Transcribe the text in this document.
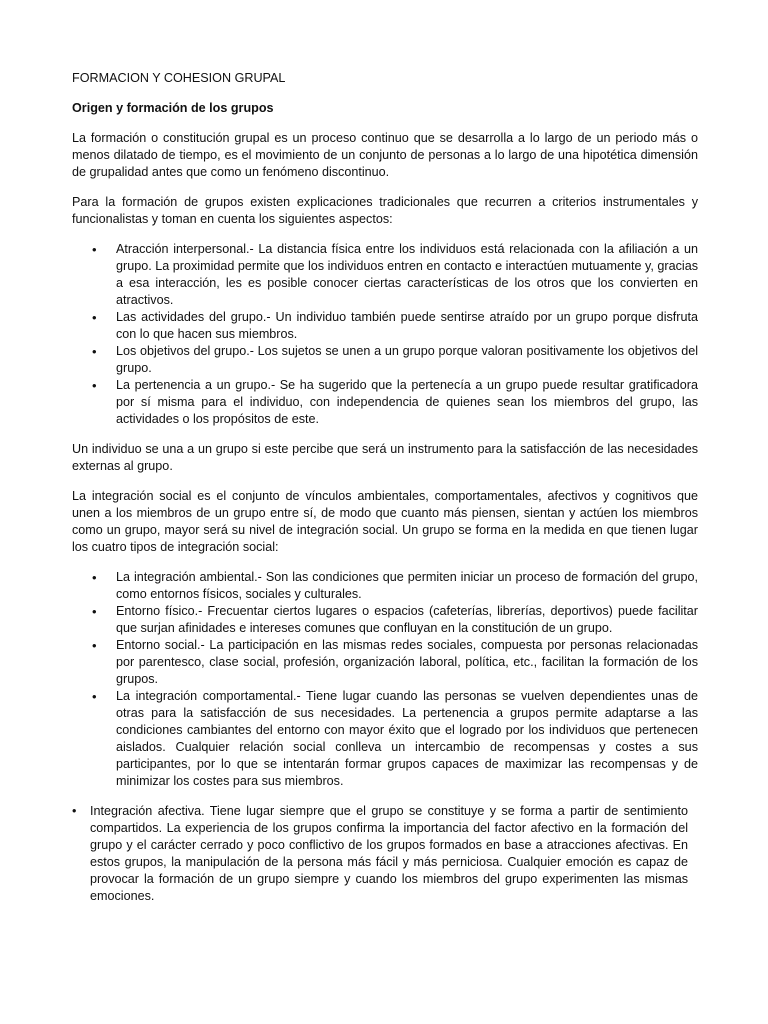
FORMACION Y COHESION GRUPAL
Origen y formación de los grupos

La formación o constitución grupal es un proceso continuo que se desarrolla a lo largo de un periodo más o menos dilatado de tiempo, es el movimiento de un conjunto de personas a lo largo de una hipotética dimensión de grupalidad antes que como un fenómeno discontinuo.

Para la formación de grupos existen explicaciones tradicionales que recurren a criterios instrumentales y funcionalistas y toman en cuenta los siguientes aspectos:

• Atracción interpersonal.- La distancia física entre los individuos está relacionada con la afiliación a un grupo. La proximidad permite que los individuos entren en contacto e interactúen mutuamente y, gracias a esa interacción, les es posible conocer ciertas características de los otros que los convierten en atractivos.
• Las actividades del grupo.- Un individuo también puede sentirse atraído por un grupo porque disfruta con lo que hacen sus miembros.
• Los objetivos del grupo.- Los sujetos se unen a un grupo porque valoran positivamente los objetivos del grupo.
• La pertenencia a un grupo.- Se ha sugerido que la pertenecía a un grupo puede resultar gratificadora por sí misma para el individuo, con independencia de quienes sean los miembros del grupo, las actividades o los propósitos de este.

Un individuo se una a un grupo si este percibe que será un instrumento para la satisfacción de las necesidades externas al grupo.

La integración social es el conjunto de vínculos ambientales, comportamentales, afectivos y cognitivos que unen a los miembros de un grupo entre sí, de modo que cuanto más piensen, sientan y actúen los miembros como un grupo, mayor será su nivel de integración social. Un grupo se forma en la medida en que tienen lugar los cuatro tipos de integración social:

• La integración ambiental.- Son las condiciones que permiten iniciar un proceso de formación del grupo, como entornos físicos, sociales y culturales.
• Entorno físico.- Frecuentar ciertos lugares o espacios (cafeterías, librerías, deportivos) puede facilitar que surjan afinidades e intereses comunes que confluyan en la constitución de un grupo.
• Entorno social.- La participación en las mismas redes sociales, compuesta por personas relacionadas por parentesco, clase social, profesión, organización laboral, política, etc., facilitan la formación de los grupos.
• La integración comportamental.- Tiene lugar cuando las personas se vuelven dependientes unas de otras para la satisfacción de sus necesidades. La pertenencia a grupos permite adaptarse a las condiciones cambiantes del entorno con mayor éxito que el logrado por los individuos que pertenecen aislados. Cualquier relación social conlleva un intercambio de recompensas y costes a sus participantes, por lo que se intentarán formar grupos capaces de maximizar las recompensas y de minimizar los costes para sus miembros.
• Integración afectiva. Tiene lugar siempre que el grupo se constituye y se forma a partir de sentimiento compartidos. La experiencia de los grupos confirma la importancia del factor afectivo en la formación del grupo y el carácter cerrado y poco conflictivo de los grupos formados en base a atracciones afectivas. En estos grupos, la manipulación de la persona más fácil y más perniciosa. Cualquier emoción es capaz de provocar la formación de un grupo siempre y cuando los miembros del grupo experimenten las mismas emociones.
